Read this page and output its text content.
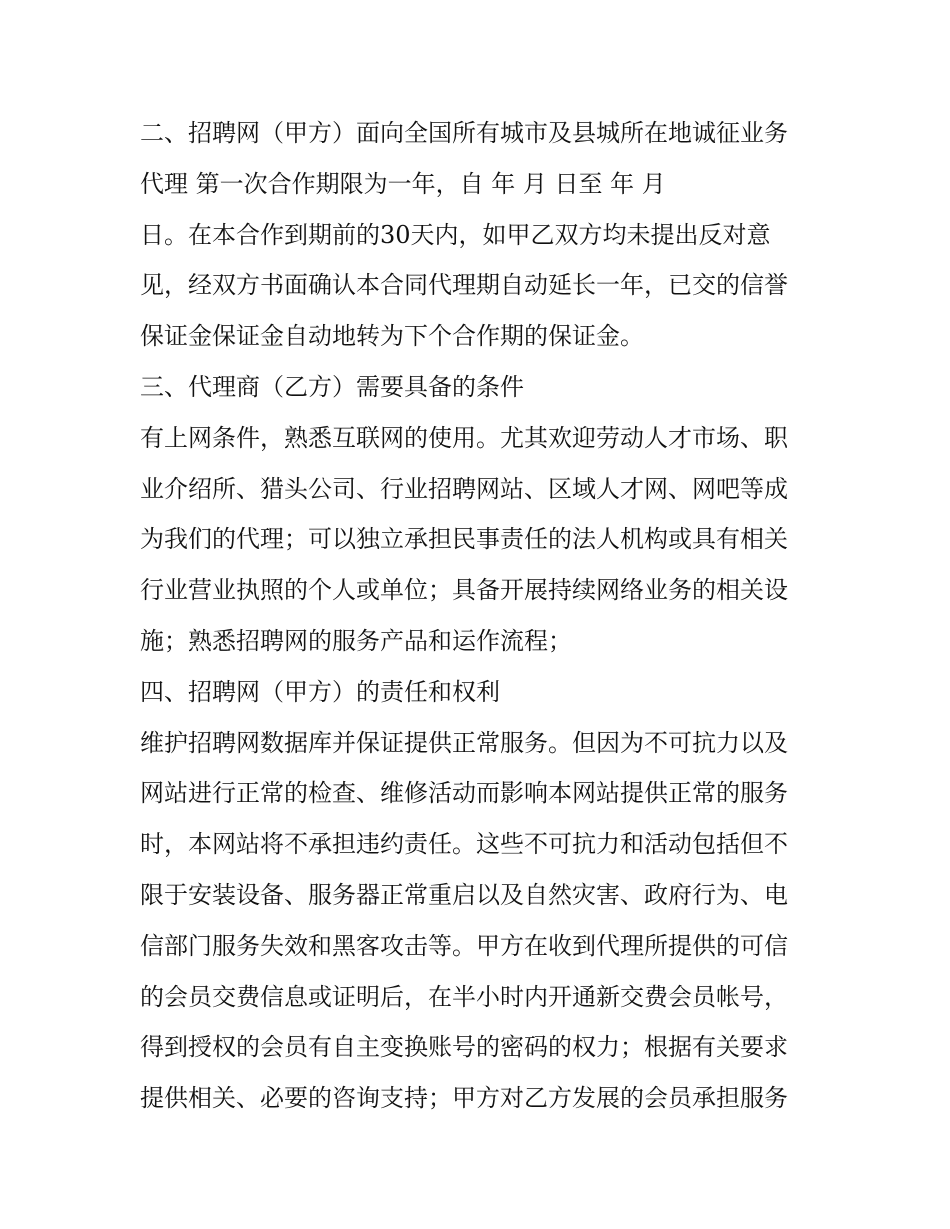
二、招聘网（甲方）面向全国所有城市及县城所在地诚征业务
代理 第一次合作期限为一年，自 年 月 日至 年 月
日。在本合作到期前的30天内，如甲乙双方均未提出反对意
见，经双方书面确认本合同代理期自动延长一年，已交的信誉
保证金保证金自动地转为下个合作期的保证金。
三、代理商（乙方）需要具备的条件
有上网条件，熟悉互联网的使用。尤其欢迎劳动人才市场、职
业介绍所、猎头公司、行业招聘网站、区域人才网、网吧等成
为我们的代理；可以独立承担民事责任的法人机构或具有相关
行业营业执照的个人或单位；具备开展持续网络业务的相关设
施；熟悉招聘网的服务产品和运作流程；
四、招聘网（甲方）的责任和权利
维护招聘网数据库并保证提供正常服务。但因为不可抗力以及
网站进行正常的检查、维修活动而影响本网站提供正常的服务
时，本网站将不承担违约责任。这些不可抗力和活动包括但不
限于安装设备、服务器正常重启以及自然灾害、政府行为、电
信部门服务失效和黑客攻击等。甲方在收到代理所提供的可信
的会员交费信息或证明后，在半小时内开通新交费会员帐号，
得到授权的会员有自主变换账号的密码的权力；根据有关要求
提供相关、必要的咨询支持；甲方对乙方发展的会员承担服务
